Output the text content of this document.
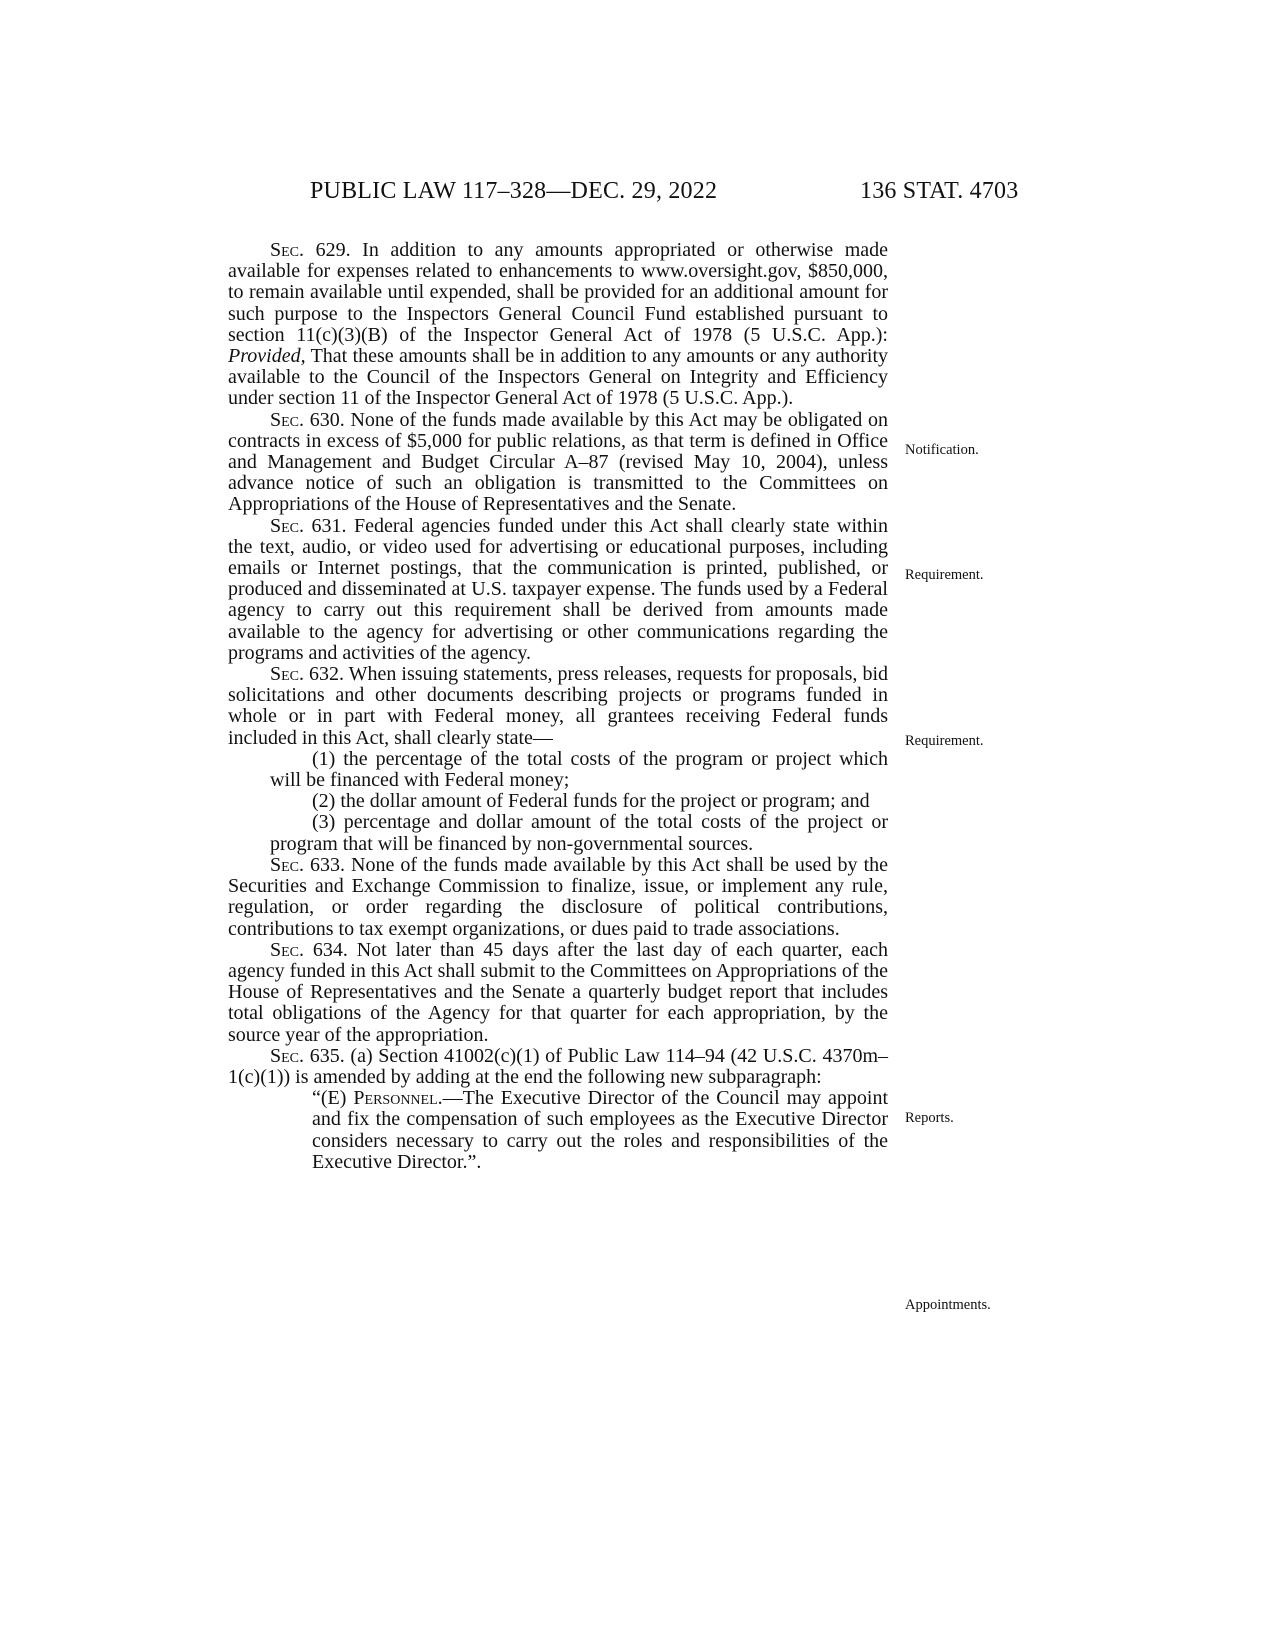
PUBLIC LAW 117–328—DEC. 29, 2022	136 STAT. 4703

Sec. 629. In addition to any amounts appropriated or otherwise made available for expenses related to enhancements to www.oversight.gov, $850,000, to remain available until expended, shall be provided for an additional amount for such purpose to the Inspectors General Council Fund established pursuant to section 11(c)(3)(B) of the Inspector General Act of 1978 (5 U.S.C. App.): Provided, That these amounts shall be in addition to any amounts or any authority available to the Council of the Inspectors General on Integrity and Efficiency under section 11 of the Inspector General Act of 1978 (5 U.S.C. App.).

Sec. 630. None of the funds made available by this Act may be obligated on contracts in excess of $5,000 for public relations, as that term is defined in Office and Management and Budget Circular A–87 (revised May 10, 2004), unless advance notice of such an obligation is transmitted to the Committees on Appropriations of the House of Representatives and the Senate.

Sec. 631. Federal agencies funded under this Act shall clearly state within the text, audio, or video used for advertising or educational purposes, including emails or Internet postings, that the communication is printed, published, or produced and disseminated at U.S. taxpayer expense. The funds used by a Federal agency to carry out this requirement shall be derived from amounts made available to the agency for advertising or other communications regarding the programs and activities of the agency.

Sec. 632. When issuing statements, press releases, requests for proposals, bid solicitations and other documents describing projects or programs funded in whole or in part with Federal money, all grantees receiving Federal funds included in this Act, shall clearly state—

(1) the percentage of the total costs of the program or project which will be financed with Federal money;

(2) the dollar amount of Federal funds for the project or program; and

(3) percentage and dollar amount of the total costs of the project or program that will be financed by non-governmental sources.

Sec. 633. None of the funds made available by this Act shall be used by the Securities and Exchange Commission to finalize, issue, or implement any rule, regulation, or order regarding the disclosure of political contributions, contributions to tax exempt organizations, or dues paid to trade associations.

Sec. 634. Not later than 45 days after the last day of each quarter, each agency funded in this Act shall submit to the Committees on Appropriations of the House of Representatives and the Senate a quarterly budget report that includes total obligations of the Agency for that quarter for each appropriation, by the source year of the appropriation.

Sec. 635. (a) Section 41002(c)(1) of Public Law 114–94 (42 U.S.C. 4370m–1(c)(1)) is amended by adding at the end the following new subparagraph:

“(E) Personnel.—The Executive Director of the Council may appoint and fix the compensation of such employees as the Executive Director considers necessary to carry out the roles and responsibilities of the Executive Director.”.

Notification.
Requirement.
Requirement.
Reports.
Appointments.
